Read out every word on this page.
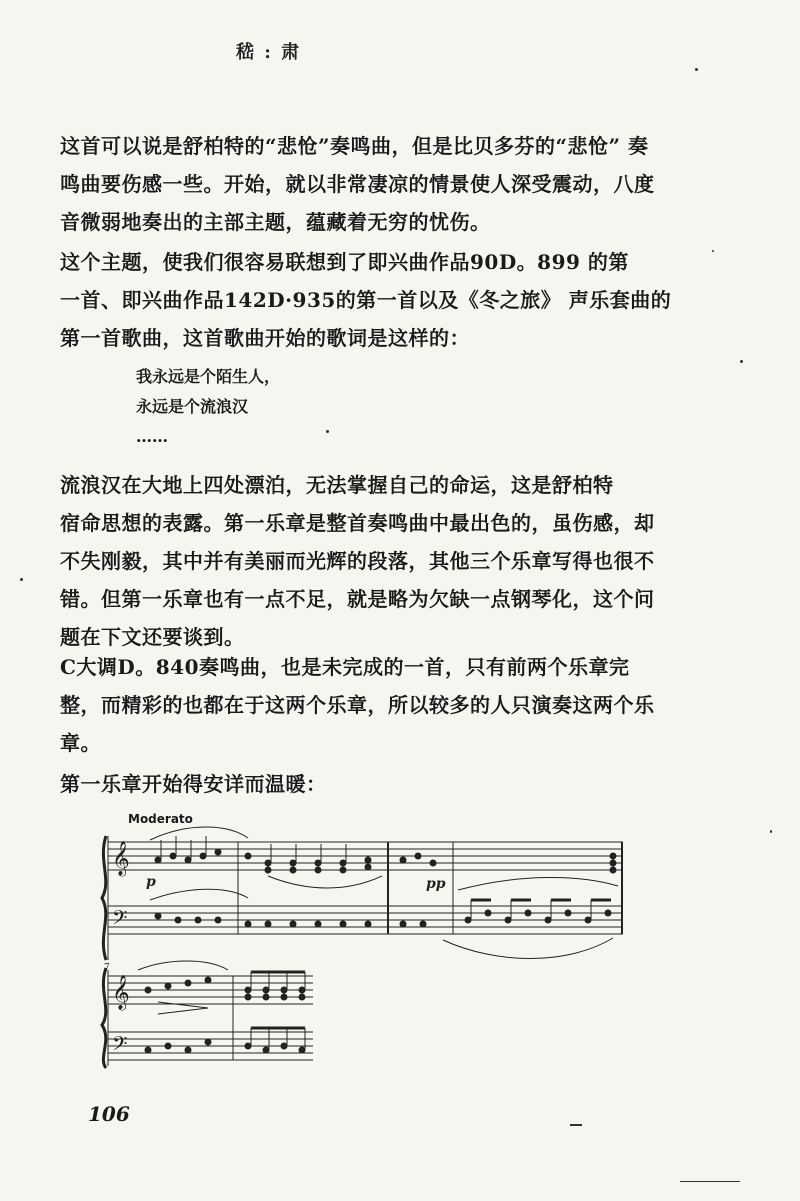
嵇 : 肃

这首可以说是舒柏特的“悲怆”奏鸣曲，但是比贝多芬的“悲怆” 奏
鸣曲要伤感一些。开始，就以非常凄凉的情景使人深受震动，八度
音微弱地奏出的主部主题，蕴藏着无穷的忧伤。

这个主题，使我们很容易联想到了即兴曲作品90D。899 的第
一首、即兴曲作品142D·935的第一首以及《冬之旅》 声乐套曲的
第一首歌曲，这首歌曲开始的歌词是这样的：

我永远是个陌生人，
永远是个流浪汉
……

流浪汉在大地上四处漂泊，无法掌握自己的命运，这是舒柏特
宿命思想的表露。第一乐章是整首奏鸣曲中最出色的，虽伤感，却
不失刚毅，其中并有美丽而光辉的段落，其他三个乐章写得也很不
错。但第一乐章也有一点不足，就是略为欠缺一点钢琴化，这个问
题在下文还要谈到。

C大调D。840奏鸣曲，也是未完成的一首，只有前两个乐章完
整，而精彩的也都在于这两个乐章，所以较多的人只演奏这两个乐
章。

第一乐章开始得安详而温暖：

Moderato
𝄞
𝄢
p	pp
7
𝄞
𝄢
106
